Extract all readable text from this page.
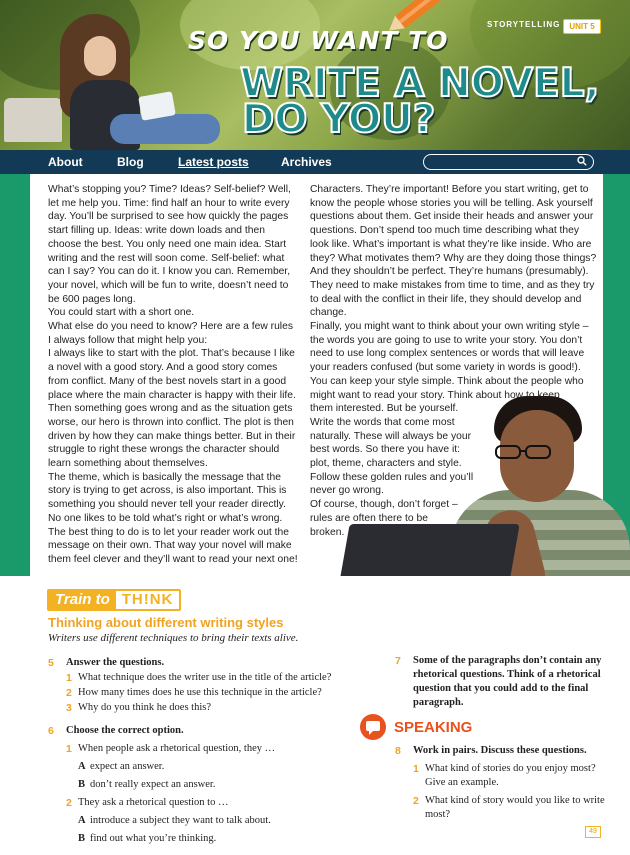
STORYTELLING	UNIT 5
SO YOU WANT TO
WRITE A NOVEL,
DO YOU?
About	Blog	Latest posts	Archives

What’s stopping you? Time? Ideas? Self-belief? Well, let me help you. Time: find half an hour to write every day. You’ll be surprised to see how quickly the pages start filling up. Ideas: write down loads and then choose the best. You only need one main idea. Start writing and the rest will soon come. Self-belief: what can I say? You can do it. I know you can. Remember, your novel, which will be fun to write, doesn’t need to be 600 pages long.

You could start with a short one.

What else do you need to know? Here are a few rules I always follow that might help you:

I always like to start with the plot. That’s because I like a novel with a good story. And a good story comes from conflict. Many of the best novels start in a good place where the main character is happy with their life. Then something goes wrong and as the situation gets worse, our hero is thrown into conflict. The plot is then driven by how they can make things better. But in their struggle to right these wrongs the character should learn something about themselves.

The theme, which is basically the message that the story is trying to get across, is also important. This is something you should never tell your reader directly. No one likes to be told what’s right or what’s wrong. The best thing to do is to let your reader work out the message on their own. That way your novel will make them feel clever and they’ll want to read your next one!

Characters. They’re important! Before you start writing, get to know the people whose stories you will be telling. Ask yourself questions about them. Get inside their heads and answer your questions. Don’t spend too much time describing what they look like. What’s important is what they’re like inside. Who are they? What motivates them? Why are they doing those things? And they shouldn’t be perfect. They’re humans (presumably). They need to make mistakes from time to time, and as they try to deal with the conflict in their life, they should develop and change.

Finally, you might want to think about your own writing style – the words you are going to use to write your story. You don’t need to use long complex sentences or words that will leave your readers confused (but some variety in words is good!). You can keep your style simple. Think about the people who might want to read your story. Think about how to keep

them interested. But be yourself. Write the words that come most naturally. These will always be your best words. So there you have it: plot, theme, characters and style. Follow these golden rules and you’ll never go wrong.

Of course, though, don’t forget – rules are often there to be broken.

Train to TH!NK
Thinking about different writing styles
Writers use different techniques to bring their texts alive.
5	Answer the questions.
1 What technique does the writer use in the title of the article?
2 How many times does he use this technique in the article?
3 Why do you think he does this?
6	Choose the correct option.
1 When people ask a rhetorical question, they …
A expect an answer.
B don’t really expect an answer.
2 They ask a rhetorical question to …
A introduce a subject they want to talk about.
B find out what you’re thinking.
7	Some of the paragraphs don’t contain any rhetorical questions. Think of a rhetorical question that you could add to the final paragraph.
SPEAKING
8	Work in pairs. Discuss these questions.
1 What kind of stories do you enjoy most? Give an example.
2 What kind of story would you like to write most?
49
